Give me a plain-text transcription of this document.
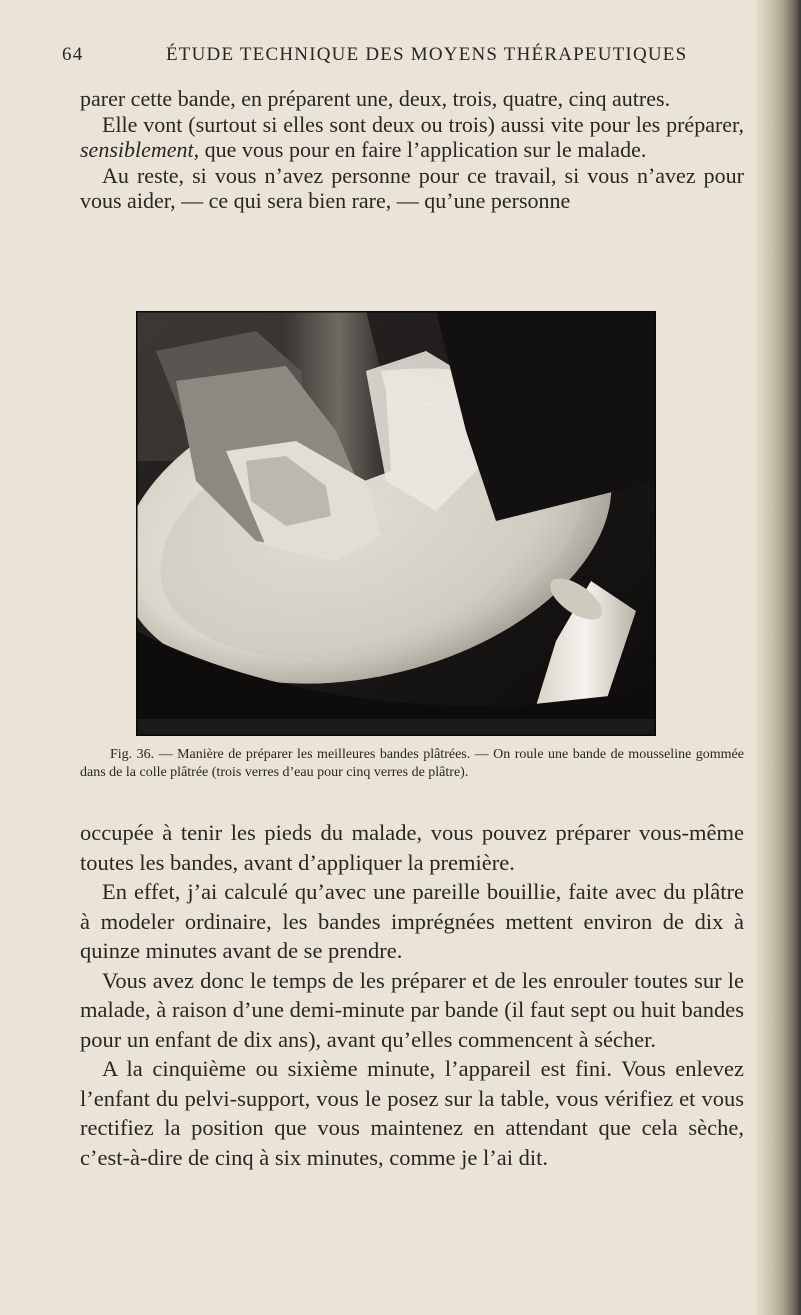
64	ÉTUDE TECHNIQUE DES MOYENS THÉRAPEUTIQUES

parer cette bande, en préparent une, deux, trois, quatre, cinq autres.

Elle vont (surtout si elles sont deux ou trois) aussi vite pour les préparer, sensiblement, que vous pour en faire l’application sur le malade.

Au reste, si vous n’avez personne pour ce travail, si vous n’avez pour vous aider, — ce qui sera bien rare, — qu’une personne

Fig. 36. — Manière de préparer les meilleures bandes plâtrées. — On roule une bande de mousseline gommée dans de la colle plâtrée (trois verres d’eau pour cinq verres de plâtre).

occupée à tenir les pieds du malade, vous pouvez préparer vous-même toutes les bandes, avant d’appliquer la première.

En effet, j’ai calculé qu’avec une pareille bouillie, faite avec du plâtre à modeler ordinaire, les bandes imprégnées mettent environ de dix à quinze minutes avant de se prendre.

Vous avez donc le temps de les préparer et de les enrouler toutes sur le malade, à raison d’une demi-minute par bande (il faut sept ou huit bandes pour un enfant de dix ans), avant qu’elles commencent à sécher.

A la cinquième ou sixième minute, l’appareil est fini. Vous enlevez l’enfant du pelvi-support, vous le posez sur la table, vous vérifiez et vous rectifiez la position que vous maintenez en attendant que cela sèche, c’est-à-dire de cinq à six minutes, comme je l’ai dit.
